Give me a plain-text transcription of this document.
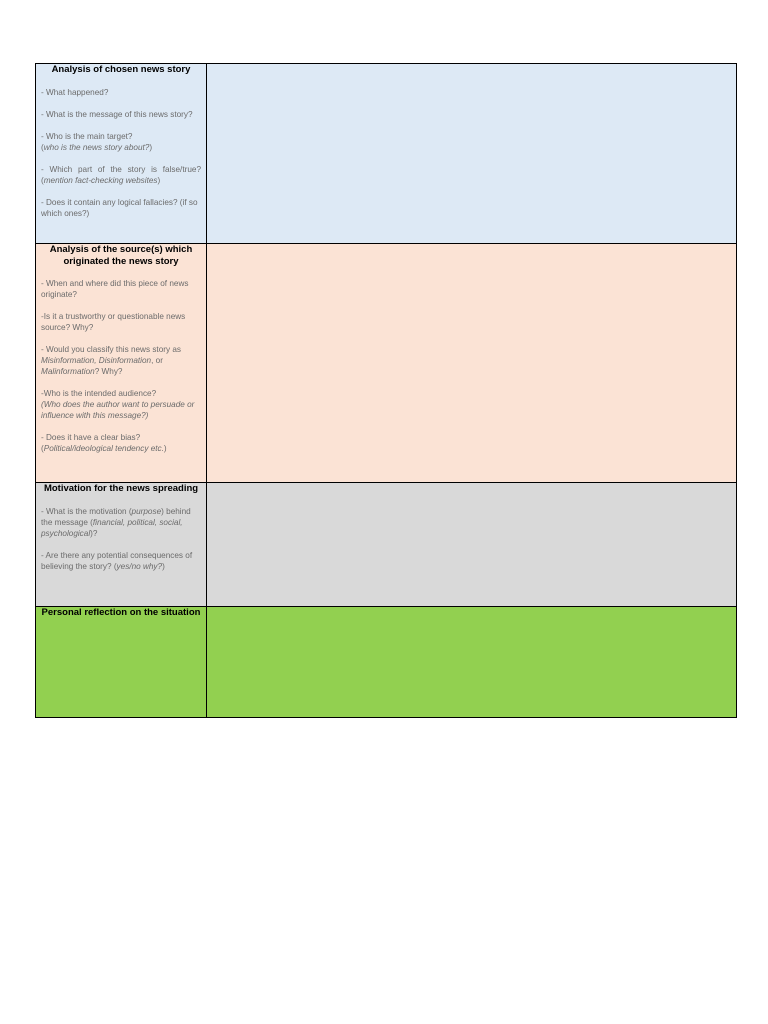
Analysis of chosen news story
- What happened?
- What is the message of this news story?
- Who is the main target?
(who is the news story about?)
- Which part of the story is false/true? (mention fact-checking websites)
- Does it contain any logical fallacies? (if so which ones?)
Analysis of the source(s) which originated the news story
- When and where did this piece of news originate?
-Is it a trustworthy or questionable news source? Why?
- Would you classify this news story as Misinformation, Disinformation, or Malinformation? Why?
-Who is the intended audience?
(Who does the author want to persuade or influence with this message?)
- Does it have a clear bias?
(Political/ideological tendency etc.)
Motivation for the news spreading
- What is the motivation (purpose) behind the message (financial, political, social, psychological)?
- Are there any potential consequences of believing the story? (yes/no why?)
Personal reflection on the situation
